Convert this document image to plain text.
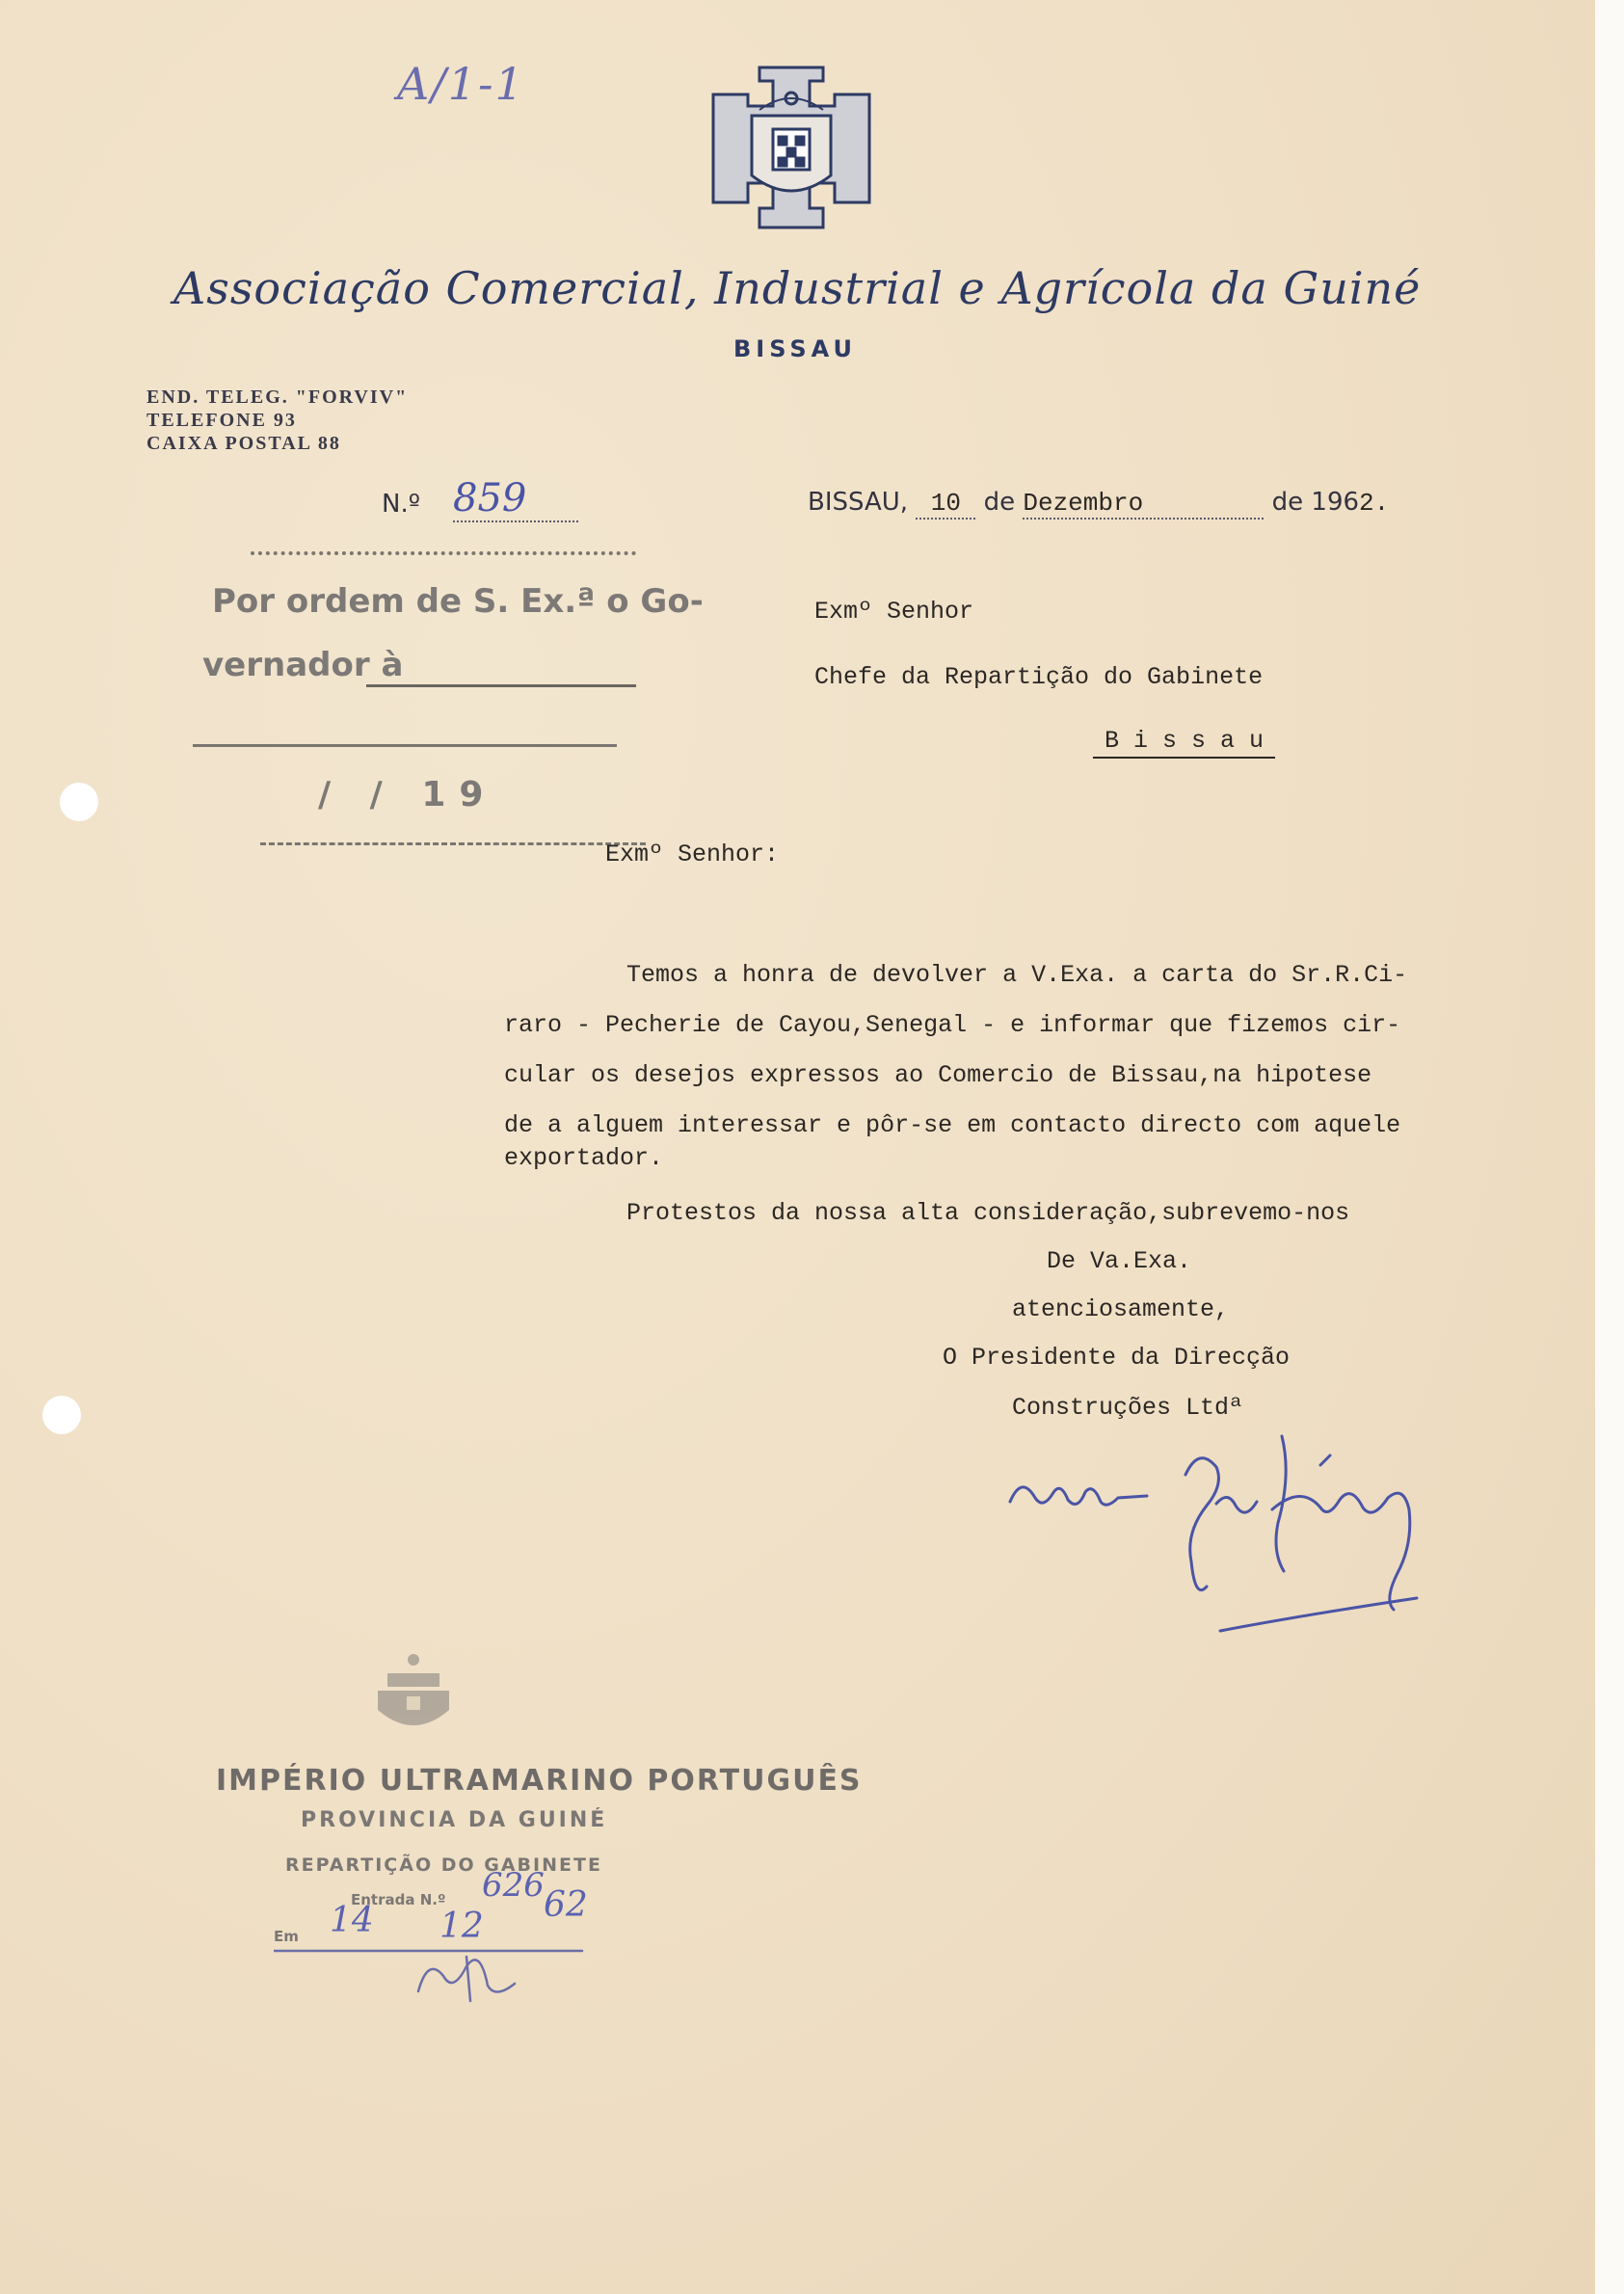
A/1-1
Associação Comercial, Industrial e Agrícola da Guiné
BISSAU
END. TELEG. "FORVIV"
TELEFONE 93
CAIXA POSTAL 88
N.º 859	BISSAU, 10 de Dezembro	de 1962.
Por ordem de S. Ex.ª o Go-
vernador à
/ / 19
Exmº Senhor
Chefe da Repartição do Gabinete
B i s s a u
Exmº Senhor:
Temos a honra de devolver a V.Exa. a carta do Sr.R.Ci-
raro - Pecherie de Cayou,Senegal - e informar que fizemos cir-
cular os desejos expressos ao Comercio de Bissau,na hipotese
de a alguem interessar e pôr-se em contacto directo com aquele
exportador.
Protestos da nossa alta consideração,subrevemo-nos
De Va.Exa.
atenciosamente,
O Presidente da Direcção
Construções Ltdª
IMPÉRIO ULTRAMARINO PORTUGUÊS
PROVINCIA DA GUINÉ
REPARTIÇÃO DO GABINETE
Entrada N.º 626
Em 14 12
62
